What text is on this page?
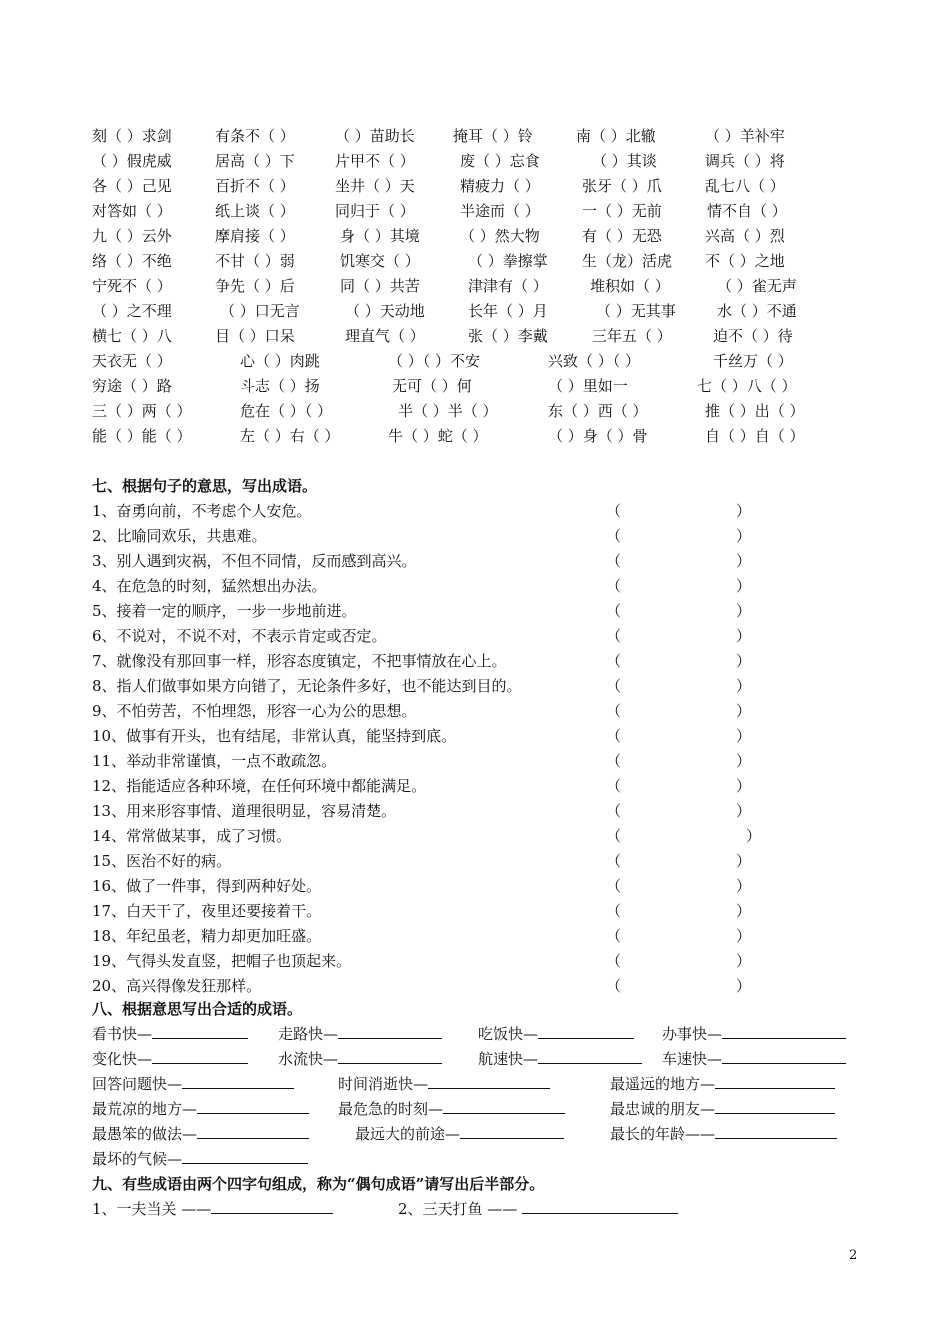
刻（ ）求剑	有条不（ ）	（ ）苗助长	掩耳（ ）铃	南（ ）北辙	（ ）羊补牢
（ ）假虎威	居高（ ）下	片甲不（ ）	废（ ）忘食	（ ）其谈	调兵（ ）将
各（ ）己见	百折不（ ）	坐井（ ）天	精疲力（ ）	张牙（ ）爪	乱七八（ ）
对答如（ ）	纸上谈（ ）	同归于（ ）	半途而（ ）	一（ ）无前	情不自（ ）
九（ ）云外	摩肩接（ ）	身（ ）其境	（ ）然大物	有（ ）无恐	兴高（ ）烈
络（ ）不绝	不甘（ ）弱	饥寒交（ ）	（ ）拳擦掌 生（龙）活虎 不（ ）之地
宁死不（ ）	争先（ ）后	同（ ）共苦	津津有（ ）	堆积如（ ）	（ ）雀无声
（ ）之不理	（ ）口无言	（ ）天动地	长年（ ）月	（ ）无其事	水（ ）不通
横七（ ）八	目（ ）口呆	理直气（ ）	张（ ）李戴	三年五（ ）	迫不（ ）待
天衣无（ ）	心（ ）肉跳	（ ）（ ）不安	兴致（ ）（ ）	千丝万（ ）
穷途（ ）路	斗志（ ）扬	无可（ ）何	（ ）里如一	七（ ）八（ ）
三（ ）两（ ）	危在（ ）（ ）	半（ ）半（ ）	东（ ）西（ ）	推（ ）出（ ）
能（ ）能（ ）	左（ ）右（ ）	牛（ ）蛇（ ）	（ ）身（ ）骨	自（ ）自（ ）
七、根据句子的意思，写出成语。
1、奋勇向前，不考虑个人安危。	（	）
2、比喻同欢乐，共患难。	（	）
3、别人遇到灾祸，不但不同情，反而感到高兴。	（	）
4、在危急的时刻，猛然想出办法。	（	）
5、接着一定的顺序，一步一步地前进。	（	）
6、不说对，不说不对，不表示肯定或否定。	（	）
7、就像没有那回事一样，形容态度镇定，不把事情放在心上。	（	）
8、指人们做事如果方向错了，无论条件多好，也不能达到目的。	（	）
9、不怕劳苦，不怕埋怨，形容一心为公的思想。	（	）
10、做事有开头，也有结尾，非常认真，能坚持到底。	（	）
11、举动非常谨慎，一点不敢疏忽。	（	）
12、指能适应各种环境，在任何环境中都能满足。	（	）
13、用来形容事情、道理很明显，容易清楚。	（	）
14、常常做某事，成了习惯。	（	）
15、医治不好的病。	（	）
16、做了一件事，得到两种好处。	（	）
17、白天干了，夜里还要接着干。	（	）
18、年纪虽老，精力却更加旺盛。	（	）
19、气得头发直竖，把帽子也顶起来。	（	）
20、高兴得像发狂那样。	（	）
八、根据意思写出合适的成语。
看书快—	走路快—	吃饭快—	办事快—
变化快—	水流快—	航速快—	车速快—
回答问题快—	时间消逝快—	最遥远的地方—
最荒凉的地方—	最危急的时刻—	最忠诚的朋友—
最愚笨的做法—	最远大的前途—	最长的年龄——
最坏的气候—
九、有些成语由两个四字句组成，称为“偶句成语”请写出后半部分。
1、一夫当关 ——	2、三天打鱼 ——
2
